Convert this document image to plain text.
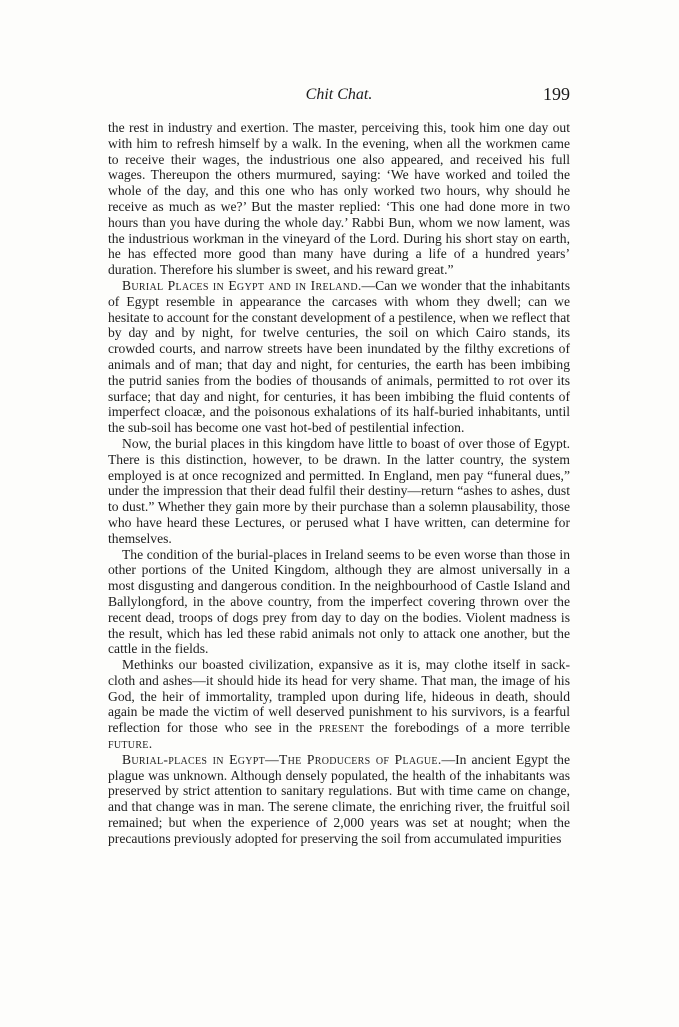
Chit Chat.	199

the rest in industry and exertion. The master, perceiving this, took him one day out with him to refresh himself by a walk. In the evening, when all the workmen came to receive their wages, the industrious one also appeared, and received his full wages. Thereupon the others murmured, saying: ‘We have worked and toiled the whole of the day, and this one who has only worked two hours, why should he receive as much as we?’ But the master replied: ‘This one had done more in two hours than you have during the whole day.’ Rabbi Bun, whom we now lament, was the industrious workman in the vineyard of the Lord. During his short stay on earth, he has effected more good than many have during a life of a hundred years’ duration. Therefore his slumber is sweet, and his reward great.”

Burial Places in Egypt and in Ireland.—Can we wonder that the inhabitants of Egypt resemble in appearance the carcases with whom they dwell; can we hesitate to account for the constant development of a pestilence, when we reflect that by day and by night, for twelve centuries, the soil on which Cairo stands, its crowded courts, and narrow streets have been inundated by the filthy excretions of animals and of man; that day and night, for centuries, the earth has been imbibing the putrid sanies from the bodies of thousands of animals, permitted to rot over its surface; that day and night, for centuries, it has been imbibing the fluid contents of imperfect cloacæ, and the poisonous exhalations of its half-buried inhabitants, until the sub-soil has become one vast hot-bed of pestilential infection.

Now, the burial places in this kingdom have little to boast of over those of Egypt. There is this distinction, however, to be drawn. In the latter country, the system employed is at once recognized and permitted. In England, men pay “funeral dues,” under the impression that their dead fulfil their destiny—return “ashes to ashes, dust to dust.” Whether they gain more by their purchase than a solemn plausability, those who have heard these Lectures, or perused what I have written, can determine for themselves.

The condition of the burial-places in Ireland seems to be even worse than those in other portions of the United Kingdom, although they are almost universally in a most disgusting and dangerous condition. In the neighbourhood of Castle Island and Ballylongford, in the above country, from the imperfect covering thrown over the recent dead, troops of dogs prey from day to day on the bodies. Violent madness is the result, which has led these rabid animals not only to attack one another, but the cattle in the fields.

Methinks our boasted civilization, expansive as it is, may clothe itself in sack-cloth and ashes—it should hide its head for very shame. That man, the image of his God, the heir of immortality, trampled upon during life, hideous in death, should again be made the victim of well deserved punishment to his survivors, is a fearful reflection for those who see in the present the forebodings of a more terrible future.

Burial-places in Egypt—The Producers of Plague.—In ancient Egypt the plague was unknown. Although densely populated, the health of the inhabitants was preserved by strict attention to sanitary regulations. But with time came on change, and that change was in man. The serene climate, the enriching river, the fruitful soil remained; but when the experience of 2,000 years was set at nought; when the precautions previously adopted for preserving the soil from accumulated impurities
